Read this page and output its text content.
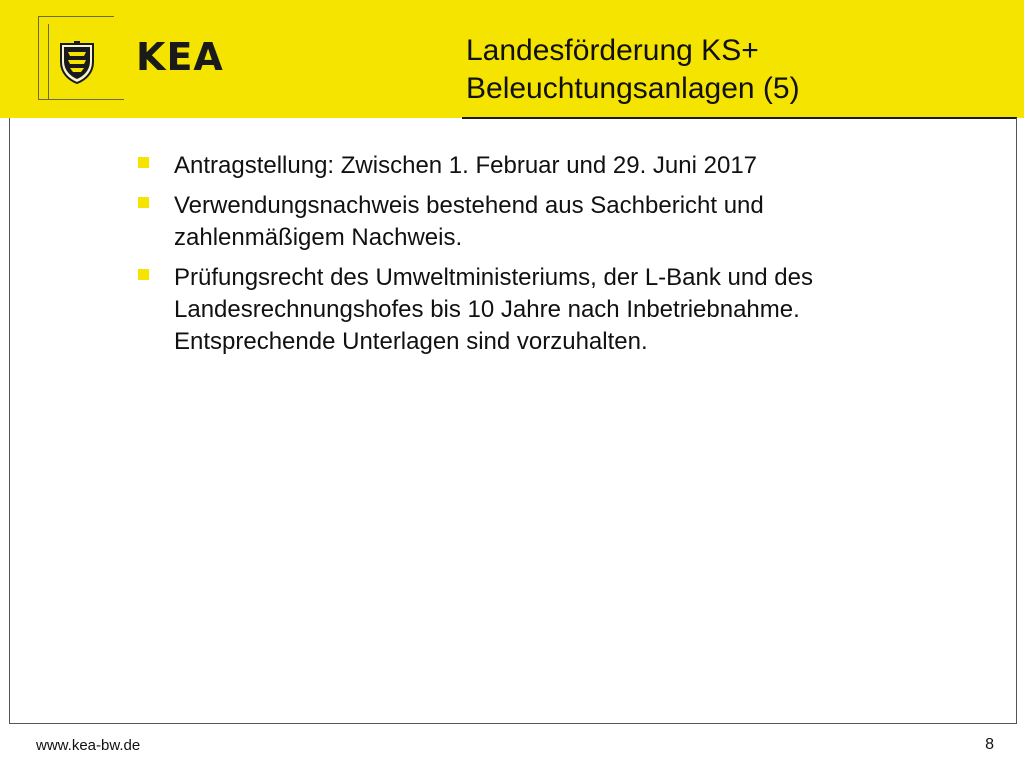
KEA	Landesförderung KS+
Beleuchtungsanlagen (5)
Antragstellung: Zwischen 1. Februar und 29. Juni 2017
Verwendungsnachweis bestehend aus Sachbericht und
zahlenmäßigem Nachweis.
Prüfungsrecht des Umweltministeriums, der L-Bank und des
Landesrechnungshofes bis 10 Jahre nach Inbetriebnahme.
Entsprechende Unterlagen sind vorzuhalten.
www.kea-bw.de	8
